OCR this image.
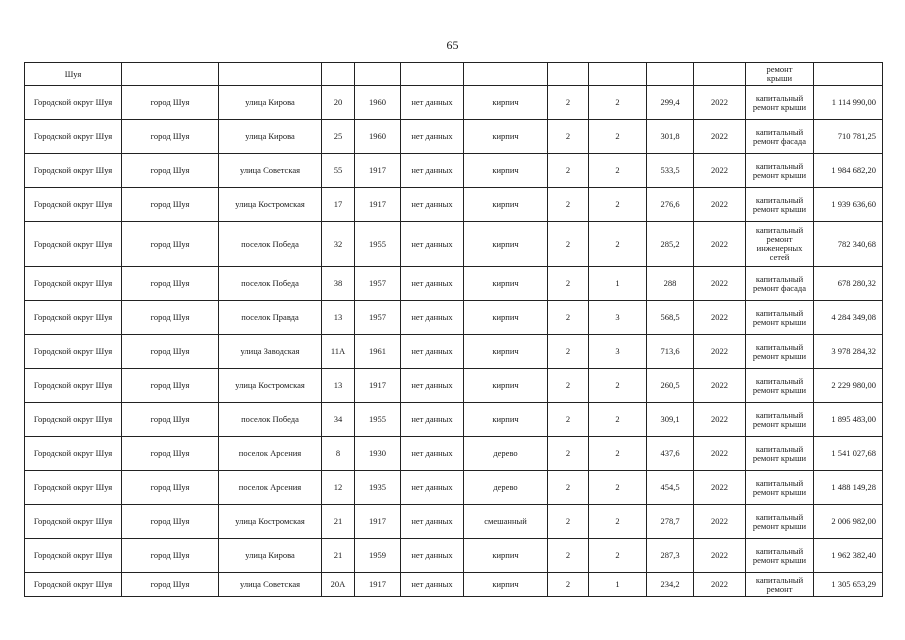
65
Шуя											ремонт
крыши	
Городской округ Шуя	город Шуя	улица Кирова	20	1960	нет данных	кирпич	2	2	299,4	2022	капитальный ремонт крыши	1 114 990,00
Городской округ Шуя	город Шуя	улица Кирова	25	1960	нет данных	кирпич	2	2	301,8	2022	капитальный ремонт фасада	710 781,25
Городской округ Шуя	город Шуя	улица Советская	55	1917	нет данных	кирпич	2	2	533,5	2022	капитальный ремонт крыши	1 984 682,20
Городской округ Шуя	город Шуя	улица Костромская	17	1917	нет данных	кирпич	2	2	276,6	2022	капитальный ремонт крыши	1 939 636,60
Городской округ Шуя	город Шуя	поселок Победа	32	1955	нет данных	кирпич	2	2	285,2	2022	капитальный ремонт инженерных сетей	782 340,68
Городской округ Шуя	город Шуя	поселок Победа	38	1957	нет данных	кирпич	2	1	288	2022	капитальный ремонт фасада	678 280,32
Городской округ Шуя	город Шуя	поселок Правда	13	1957	нет данных	кирпич	2	3	568,5	2022	капитальный ремонт крыши	4 284 349,08
Городской округ Шуя	город Шуя	улица Заводская	11А	1961	нет данных	кирпич	2	3	713,6	2022	капитальный ремонт крыши	3 978 284,32
Городской округ Шуя	город Шуя	улица Костромская	13	1917	нет данных	кирпич	2	2	260,5	2022	капитальный ремонт крыши	2 229 980,00
Городской округ Шуя	город Шуя	поселок Победа	34	1955	нет данных	кирпич	2	2	309,1	2022	капитальный ремонт крыши	1 895 483,00
Городской округ Шуя	город Шуя	поселок Арсения	8	1930	нет данных	дерево	2	2	437,6	2022	капитальный ремонт крыши	1 541 027,68
Городской округ Шуя	город Шуя	поселок Арсения	12	1935	нет данных	дерево	2	2	454,5	2022	капитальный ремонт крыши	1 488 149,28
Городской округ Шуя	город Шуя	улица Костромская	21	1917	нет данных	смешанный	2	2	278,7	2022	капитальный ремонт крыши	2 006 982,00
Городской округ Шуя	город Шуя	улица Кирова	21	1959	нет данных	кирпич	2	2	287,3	2022	капитальный ремонт крыши	1 962 382,40
Городской округ Шуя	город Шуя	улица Советская	20А	1917	нет данных	кирпич	2	1	234,2	2022	капитальный ремонт	1 305 653,29
